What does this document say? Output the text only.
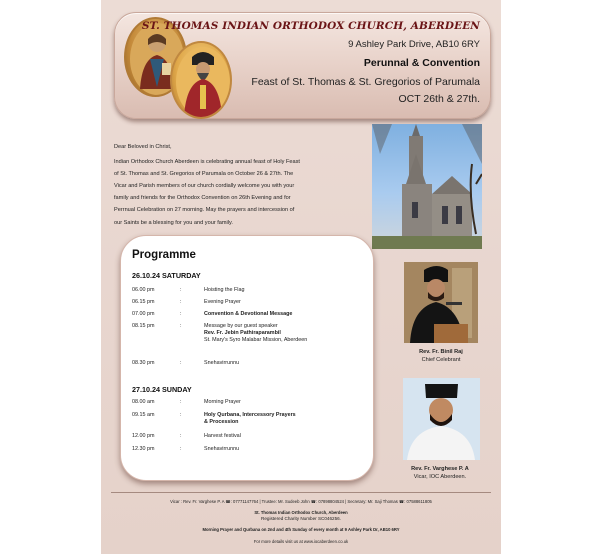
ST. THOMAS INDIAN ORTHODOX CHURCH, ABERDEEN
9 Ashley Park Drive, AB10 6RY
Perunnal & Convention
Feast of St. Thomas & St. Gregorios of Parumala
OCT 26th & 27th.

Dear Beloved in Christ,

Indian Orthodox Church Aberdeen is celebrating annual feast of Holy Feast

of St. Thomas and St. Gregorios of Parumala on October 26 & 27th. The

Vicar and Parish members of our church cordially welcome you with your

family and friends for the Orthodox Convention on 26th Evening and for

Perrnual Celebration on 27 morning. May the prayers and intercession of

our Saints be a blessing for you and your family.

Programme
26.10.24 SATURDAY
06.00 pm	:	Hoisting the Flag
06.15 pm	:	Evening Prayer
07.00 pm	:	Convention & Devotional Message
08.15 pm	:	Message by our guest speaker
Rev. Fr. Jebin Pathiraparambil
St. Mary's Syro Malabar Mission, Aberdeen
08.30 pm	:	Snehavirrunnu
27.10.24 SUNDAY
08.00 am	:	Morning Prayer
09.15 am	:	Holy Qurbana, Intercessory Prayers
& Procession
12.00 pm	:	Harvest festival
12.30 pm	:	Snehavirrunnu
Rev. Fr. Binil Raj
Chief Celebrant
Rev. Fr. Varghese P. A
Vicar, IOC Aberdeen.
Vicar : Rev. Fr. Varghese P. A ☎: 07771147764 | Trustee: Mr. Sudeeb John ☎: 07898804524 | Secretary: Mr. Saji Thomas ☎: 07588611805
St. Thomas Indian Orthodox Church, Aberdeen
Registered Charity Number SC046256.
Morning Prayer and Qurbana on 2nd and 4th Sunday of every month at 9 Ashley Park Dr, AB10 6RY
For more details visit us at www.iocaberdeen.co.uk
